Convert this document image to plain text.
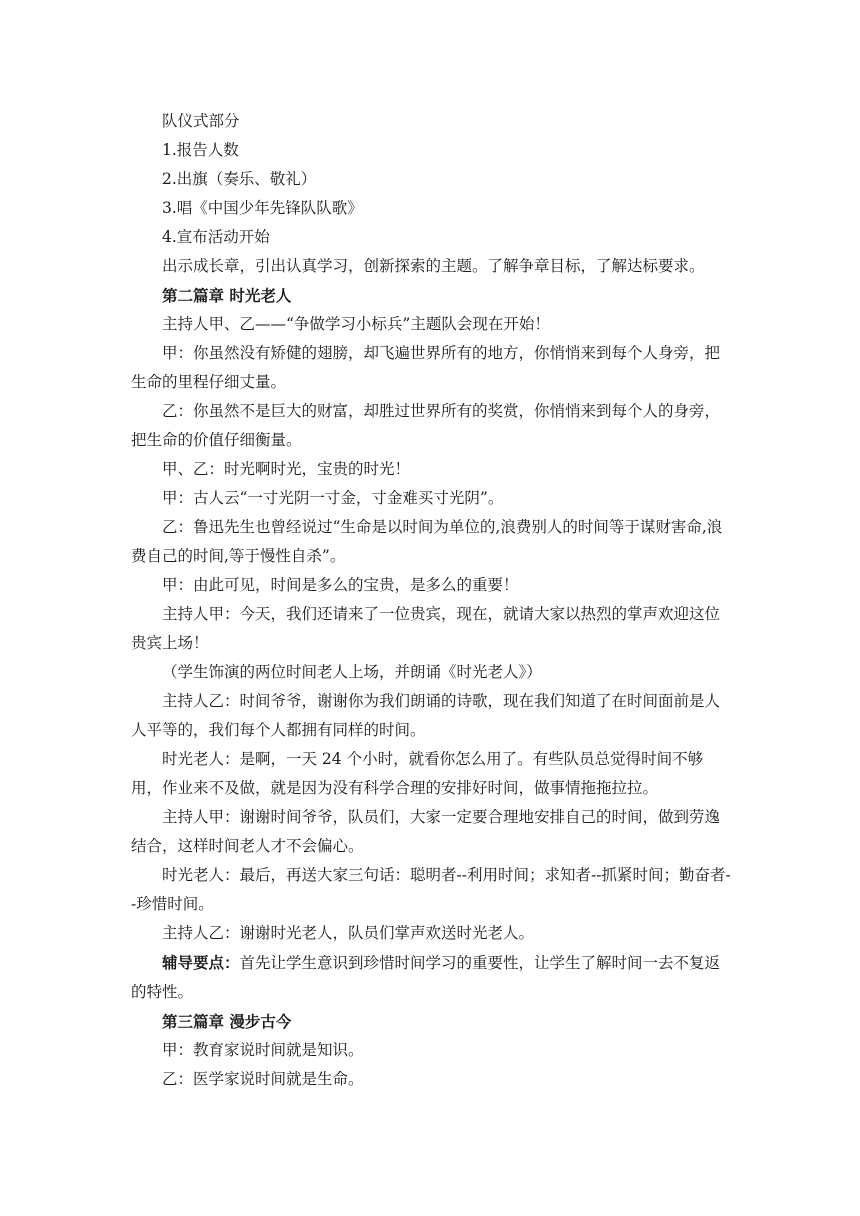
队仪式部分

1.报告人数

2.出旗（奏乐、敬礼）

3.唱《中国少年先锋队队歌》

4.宣布活动开始

出示成长章，引出认真学习，创新探索的主题。了解争章目标，了解达标要求。

第二篇章 时光老人

主持人甲、乙——“争做学习小标兵”主题队会现在开始！

甲：你虽然没有矫健的翅膀，却飞遍世界所有的地方，你悄悄来到每个人身旁，把生命的里程仔细丈量。

乙：你虽然不是巨大的财富，却胜过世界所有的奖赏，你悄悄来到每个人的身旁，把生命的价值仔细衡量。

甲、乙：时光啊时光，宝贵的时光！

甲：古人云“一寸光阴一寸金，寸金难买寸光阴”。

乙：鲁迅先生也曾经说过“生命是以时间为单位的,浪费别人的时间等于谋财害命,浪费自己的时间,等于慢性自杀”。

甲：由此可见，时间是多么的宝贵，是多么的重要！

主持人甲：今天，我们还请来了一位贵宾，现在，就请大家以热烈的掌声欢迎这位贵宾上场！

（学生饰演的两位时间老人上场，并朗诵《时光老人》）

主持人乙：时间爷爷，谢谢你为我们朗诵的诗歌，现在我们知道了在时间面前是人人平等的，我们每个人都拥有同样的时间。

时光老人：是啊，一天 24 个小时，就看你怎么用了。有些队员总觉得时间不够用，作业来不及做，就是因为没有科学合理的安排好时间，做事情拖拖拉拉。

主持人甲：谢谢时间爷爷，队员们，大家一定要合理地安排自己的时间，做到劳逸结合，这样时间老人才不会偏心。

时光老人：最后，再送大家三句话：聪明者--利用时间；求知者--抓紧时间；勤奋者--珍惜时间。

主持人乙：谢谢时光老人，队员们掌声欢送时光老人。

辅导要点：首先让学生意识到珍惜时间学习的重要性，让学生了解时间一去不复返的特性。

第三篇章 漫步古今

甲：教育家说时间就是知识。

乙：医学家说时间就是生命。
